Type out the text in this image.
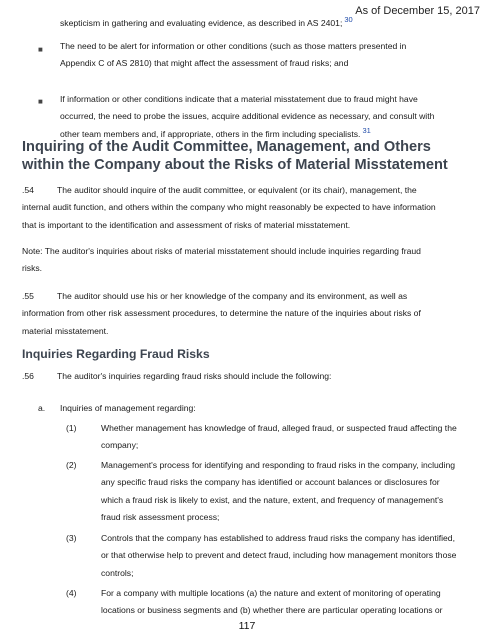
As of December 15, 2017
skepticism in gathering and evaluating evidence, as described in AS 2401; 30
■ The need to be alert for information or other conditions (such as those matters presented in
Appendix C of AS 2810) that might affect the assessment of fraud risks; and
■ If information or other conditions indicate that a material misstatement due to fraud might have
occurred, the need to probe the issues, acquire additional evidence as necessary, and consult with
other team members and, if appropriate, others in the firm including specialists. 31
Inquiring of the Audit Committee, Management, and Others within the Company about the Risks of Material Misstatement
.54	The auditor should inquire of the audit committee, or equivalent (or its chair), management, the
internal audit function, and others within the company who might reasonably be expected to have information
that is important to the identification and assessment of risks of material misstatement.
Note: The auditor's inquiries about risks of material misstatement should include inquiries regarding fraud
risks.
.55	The auditor should use his or her knowledge of the company and its environment, as well as
information from other risk assessment procedures, to determine the nature of the inquiries about risks of
material misstatement.
Inquiries Regarding Fraud Risks
.56	The auditor's inquiries regarding fraud risks should include the following:
a. Inquiries of management regarding:
(1)	Whether management has knowledge of fraud, alleged fraud, or suspected fraud affecting the
company;
(2)	Management's process for identifying and responding to fraud risks in the company, including
any specific fraud risks the company has identified or account balances or disclosures for
which a fraud risk is likely to exist, and the nature, extent, and frequency of management's
fraud risk assessment process;
(3)	Controls that the company has established to address fraud risks the company has identified,
or that otherwise help to prevent and detect fraud, including how management monitors those
controls;
(4)	For a company with multiple locations (a) the nature and extent of monitoring of operating
locations or business segments and (b) whether there are particular operating locations or
117
